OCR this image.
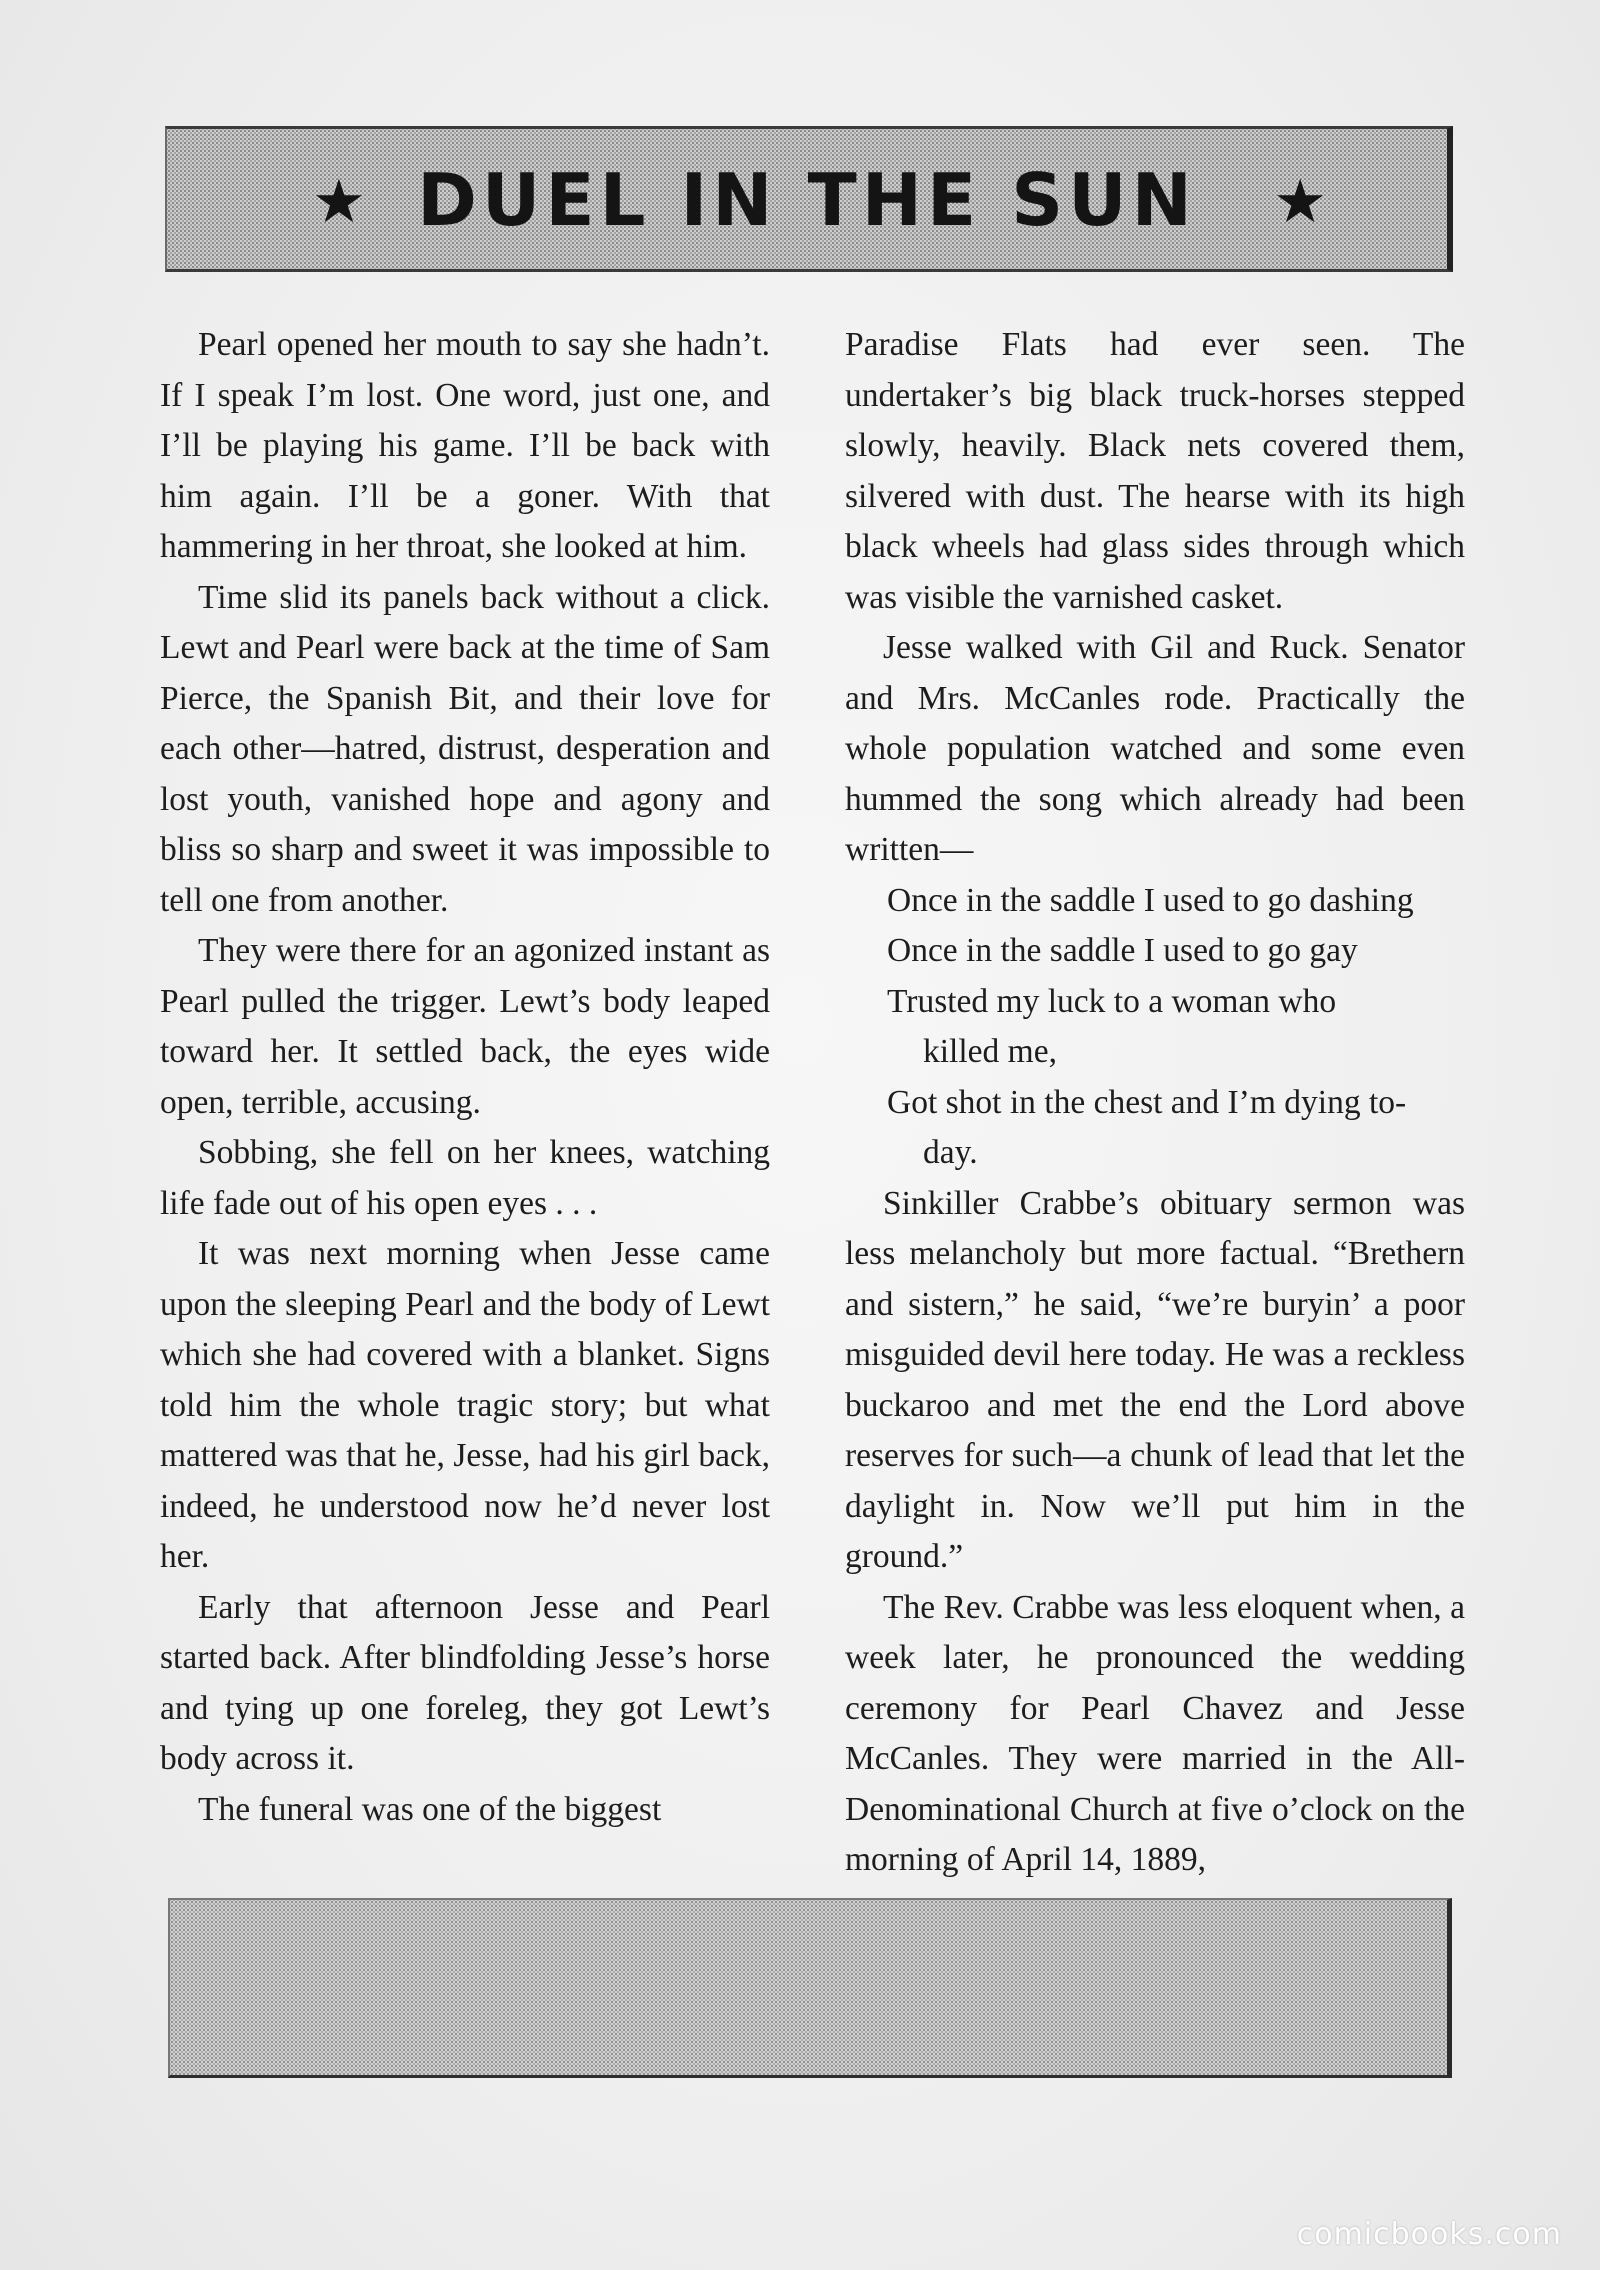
★ DUEL IN THE SUN	★

Pearl opened her mouth to say she hadn’t. If I speak I’m lost. One word, just one, and I’ll be playing his game. I’ll be back with him again. I’ll be a goner. With that hammering in her throat, she looked at him.

Time slid its panels back without a click. Lewt and Pearl were back at the time of Sam Pierce, the Spanish Bit, and their love for each other—hatred, distrust, desperation and lost youth, vanished hope and agony and bliss so sharp and sweet it was impossible to tell one from another.

They were there for an agonized instant as Pearl pulled the trigger. Lewt’s body leaped toward her. It settled back, the eyes wide open, terrible, accusing.

Sobbing, she fell on her knees, watching life fade out of his open eyes . . .

It was next morning when Jesse came upon the sleeping Pearl and the body of Lewt which she had covered with a blanket. Signs told him the whole tragic story; but what mattered was that he, Jesse, had his girl back, indeed, he understood now he’d never lost her.

Early that afternoon Jesse and Pearl started back. After blindfolding Jesse’s horse and tying up one foreleg, they got Lewt’s body across it.

The funeral was one of the biggest

Paradise Flats had ever seen. The undertaker’s big black truck-horses stepped slowly, heavily. Black nets covered them, silvered with dust. The hearse with its high black wheels had glass sides through which was visible the varnished casket.

Jesse walked with Gil and Ruck. Senator and Mrs. McCanles rode. Practically the whole population watched and some even hummed the song which already had been written—

Once in the saddle I used to go dashing
Once in the saddle I used to go gay
Trusted my luck to a woman who
killed me,
Got shot in the chest and I’m dying to-
day.

Sinkiller Crabbe’s obituary sermon was less melancholy but more factual. “Brethern and sistern,” he said, “we’re buryin’ a poor misguided devil here today. He was a reckless buckaroo and met the end the Lord above reserves for such—a chunk of lead that let the daylight in. Now we’ll put him in the ground.”

The Rev. Crabbe was less eloquent when, a week later, he pronounced the wedding ceremony for Pearl Chavez and Jesse McCanles. They were married in the All-Denominational Church at five o’clock on the morning of April 14, 1889,

comicbooks.com
